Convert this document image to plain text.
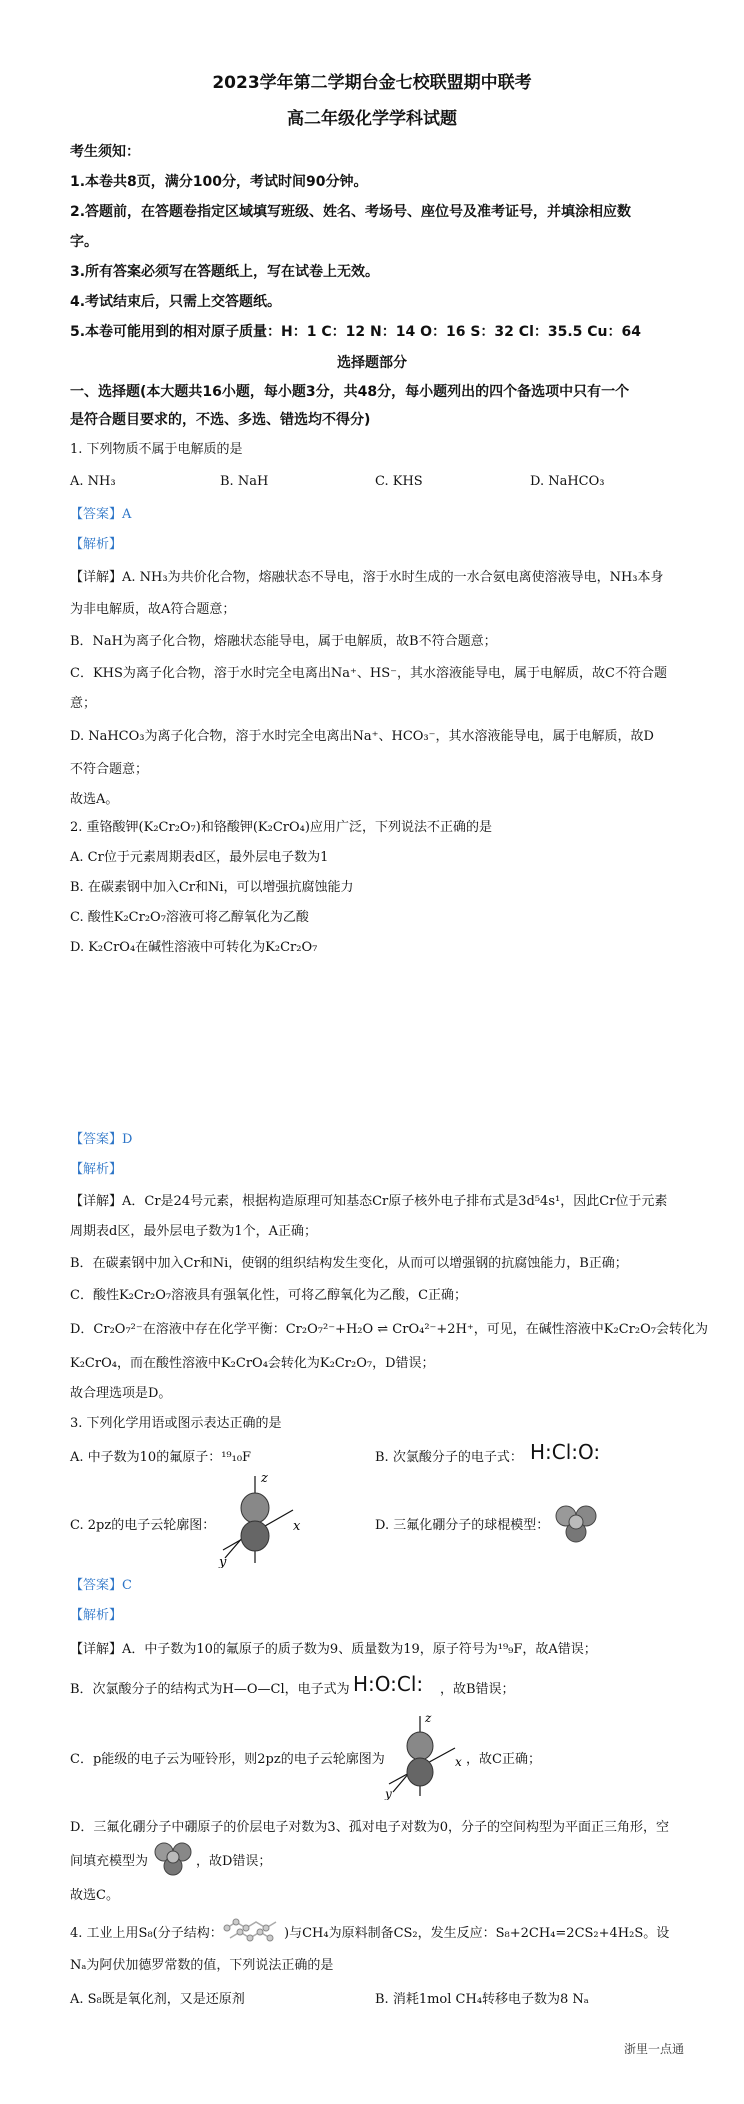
2023学年第二学期台金七校联盟期中联考
高二年级化学学科试题
考生须知：
1.本卷共8页，满分100分，考试时间90分钟。
2.答题前，在答题卷指定区域填写班级、姓名、考场号、座位号及准考证号，并填涂相应数
字。
3.所有答案必须写在答题纸上，写在试卷上无效。
4.考试结束后，只需上交答题纸。
5.本卷可能用到的相对原子质量：H：1 C：12 N：14 O：16 S：32 Cl：35.5 Cu：64
选择题部分
一、选择题(本大题共16小题，每小题3分，共48分，每小题列出的四个备选项中只有一个
是符合题目要求的，不选、多选、错选均不得分)
1. 下列物质不属于电解质的是
A. NH₃	B. NaH	C. KHS	D. NaHCO₃
【答案】A
【解析】
【详解】A. NH₃为共价化合物，熔融状态不导电，溶于水时生成的一水合氨电离使溶液导电，NH₃本身
为非电解质，故A符合题意；
B．NaH为离子化合物，熔融状态能导电，属于电解质，故B不符合题意；
C．KHS为离子化合物，溶于水时完全电离出Na⁺、HS⁻，其水溶液能导电，属于电解质，故C不符合题
意；
D. NaHCO₃为离子化合物，溶于水时完全电离出Na⁺、HCO₃⁻，其水溶液能导电，属于电解质，故D
不符合题意；
故选A。
2. 重铬酸钾(K₂Cr₂O₇)和铬酸钾(K₂CrO₄)应用广泛，下列说法不正确的是
A. Cr位于元素周期表d区，最外层电子数为1
B. 在碳素钢中加入Cr和Ni，可以增强抗腐蚀能力
C. 酸性K₂Cr₂O₇溶液可将乙醇氧化为乙酸
D. K₂CrO₄在碱性溶液中可转化为K₂Cr₂O₇
【答案】D
【解析】
【详解】A．Cr是24号元素，根据构造原理可知基态Cr原子核外电子排布式是3d⁵4s¹，因此Cr位于元素
周期表d区，最外层电子数为1个，A正确；
B．在碳素钢中加入Cr和Ni，使钢的组织结构发生变化，从而可以增强钢的抗腐蚀能力，B正确；
C．酸性K₂Cr₂O₇溶液具有强氧化性，可将乙醇氧化为乙酸，C正确；
D．Cr₂O₇²⁻在溶液中存在化学平衡：Cr₂O₇²⁻+H₂O ⇌ CrO₄²⁻+2H⁺，可见，在碱性溶液中K₂Cr₂O₇会转化为
K₂CrO₄，而在酸性溶液中K₂CrO₄会转化为K₂Cr₂O₇，D错误；
故合理选项是D。
3. 下列化学用语或图示表达正确的是
A. 中子数为10的氟原子：¹⁹₁₀F	B. 次氯酸分子的电子式： H:Cl:O:
C. 2pz的电子云轮廓图：
z
x
y
D. 三氟化硼分子的球棍模型：
【答案】C
【解析】
【详解】A．中子数为10的氟原子的质子数为9、质量数为19，原子符号为¹⁹₉F，故A错误；
B．次氯酸分子的结构式为H—O—Cl，电子式为 H:O:Cl: ，故B错误；
C．p能级的电子云为哑铃形，则2pz的电子云轮廓图为
z
x
y
，故C正确；
D．三氟化硼分子中硼原子的价层电子对数为3、孤对电子对数为0，分子的空间构型为平面正三角形，空
间填充模型为	，故D错误；
故选C。
4. 工业上用S₈(分子结构：	)与CH₄为原料制备CS₂，发生反应：S₈+2CH₄=2CS₂+4H₂S。设
Nₐ为阿伏加德罗常数的值，下列说法正确的是
A. S₈既是氧化剂，又是还原剂	B. 消耗1mol CH₄转移电子数为8 Nₐ
浙里一点通
